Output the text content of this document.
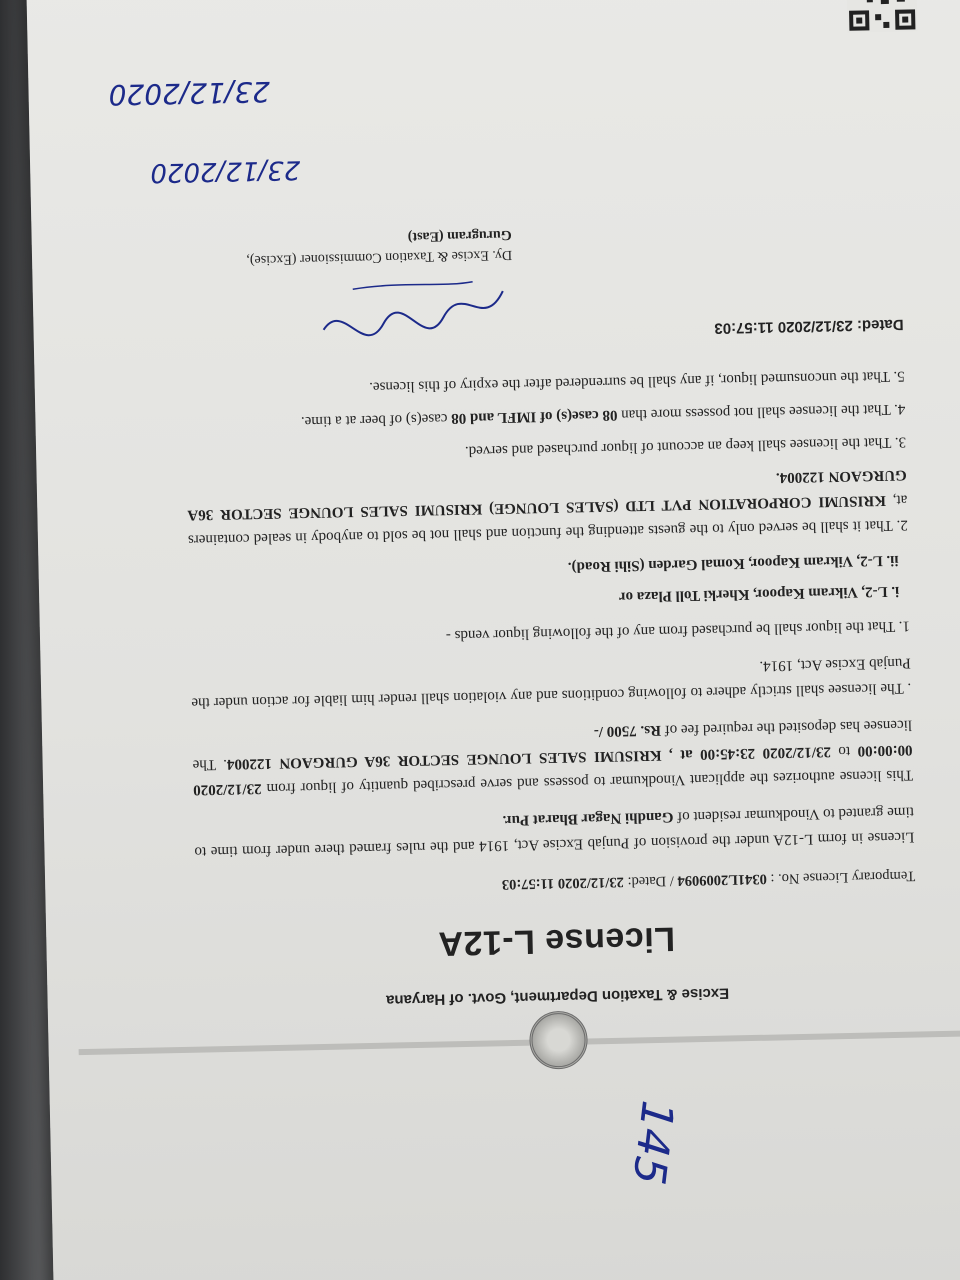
Excise & Taxation Department, Govt. of Haryana
License L-12A
Temporary License No. : 0341L2009094 / Dated: 23/12/2020 11:57:03
License in form L-12A under the provision of Punjab Excise Act, 1914 and the rules framed there under from time to time granted to Vinodkumar resident of Gandhi Nagar Bharat Pur.
This license authorizes the applicant Vinodkumar to possess and serve prescribed quantity of liquor from 23/12/2020 00:00:00 to 23/12/2020 23:45:00 at , KRISUMI SALES LOUNGE SECTOR 36A GURGAON 122004. The licensee has deposited the required fee of Rs. 7500 /-
. The licensee shall strictly adhere to following conditions and any violation shall render him liable for action under the Punjab Excise Act, 1914.
1. That the liquor shall be purchased from any of the following liquor vends -
i. L-2, Vikram Kapoor, Kherki Toll Plaza or
ii. L-2, Vikram Kapoor, Komal Garden (Sihi Road).
2. That it shall be served only to the guests attending the function and shall not be sold to anybody in sealed containers at, KRISUMI CORPORATION PVT LTD (SALES LOUNGE) KRISUMI SALES LOUNGE SECTOR 36A GURGAON 122004.
3. That the licensee shall keep an account of liquor purchased and served.
4. That the licensee shall not possess more than 08 case(s) of IMFL and 08 case(s) of beer at a time.
5. That the unconsumed liquor, if any shall be surrendered after the expiry of this license.
Dated: 23/12/2020 11:57:03
Dy. Excise & Taxation Commissioner (Excise),
Gurugram (East)
23/12/2020
145
23/12/2020
